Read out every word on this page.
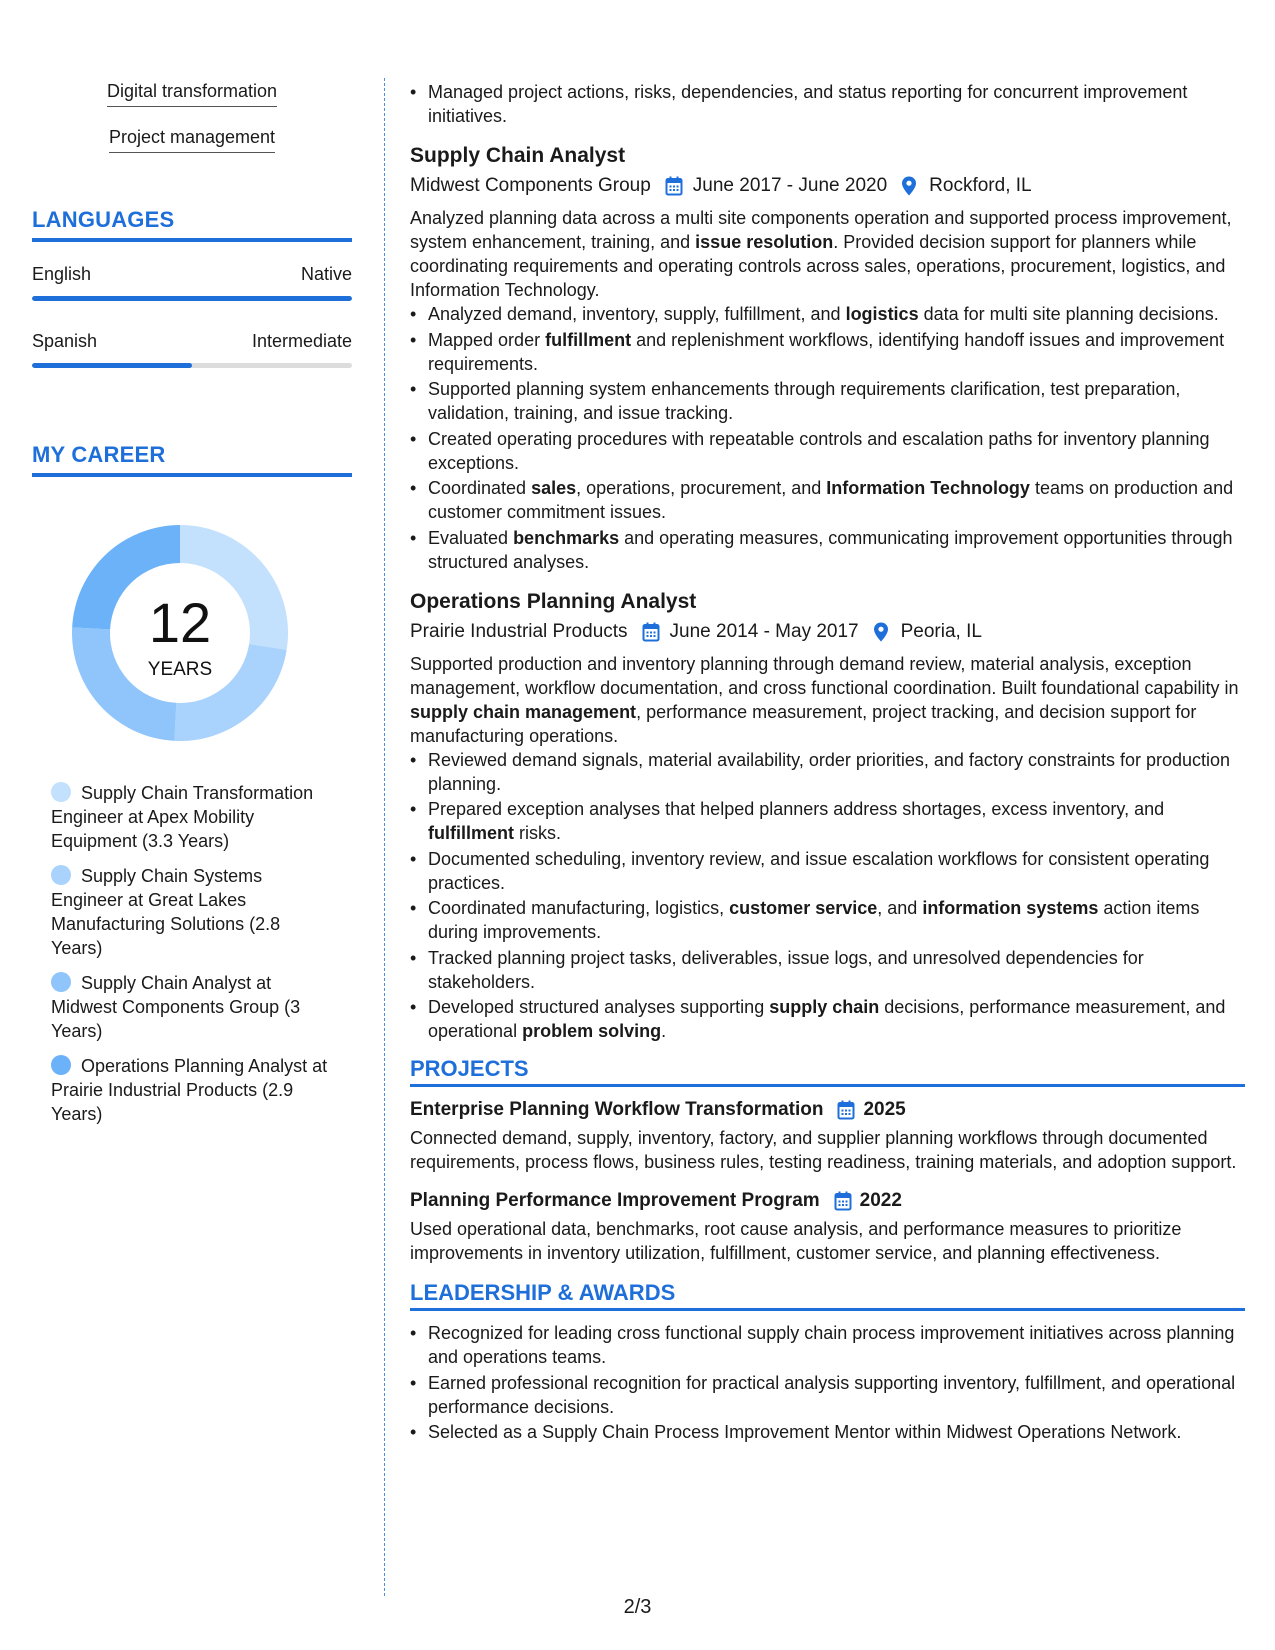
Digital transformation
Project management
LANGUAGES
English	Native
Spanish	Intermediate
MY CAREER
12
YEARS
Supply Chain Transformation Engineer at Apex Mobility Equipment (3.3 Years)
Supply Chain Systems Engineer at Great Lakes Manufacturing Solutions (2.8 Years)
Supply Chain Analyst at Midwest Components Group (3 Years)
Operations Planning Analyst at Prairie Industrial Products (2.9 Years)
• Managed project actions, risks, dependencies, and status reporting for concurrent improvement initiatives.
Supply Chain Analyst
Midwest Components Group June 2017 - June 2020 Rockford, IL
Analyzed planning data across a multi site components operation and supported process improvement, system enhancement, training, and issue resolution. Provided decision support for planners while coordinating requirements and operating controls across sales, operations, procurement, logistics, and Information Technology.
• Analyzed demand, inventory, supply, fulfillment, and logistics data for multi site planning decisions.
• Mapped order fulfillment and replenishment workflows, identifying handoff issues and improvement requirements.
• Supported planning system enhancements through requirements clarification, test preparation, validation, training, and issue tracking.
• Created operating procedures with repeatable controls and escalation paths for inventory planning exceptions.
• Coordinated sales, operations, procurement, and Information Technology teams on production and customer commitment issues.
• Evaluated benchmarks and operating measures, communicating improvement opportunities through structured analyses.
Operations Planning Analyst
Prairie Industrial Products June 2014 - May 2017 Peoria, IL
Supported production and inventory planning through demand review, material analysis, exception management, workflow documentation, and cross functional coordination. Built foundational capability in supply chain management, performance measurement, project tracking, and decision support for manufacturing operations.
• Reviewed demand signals, material availability, order priorities, and factory constraints for production planning.
• Prepared exception analyses that helped planners address shortages, excess inventory, and fulfillment risks.
• Documented scheduling, inventory review, and issue escalation workflows for consistent operating practices.
• Coordinated manufacturing, logistics, customer service, and information systems action items during improvements.
• Tracked planning project tasks, deliverables, issue logs, and unresolved dependencies for stakeholders.
• Developed structured analyses supporting supply chain decisions, performance measurement, and operational problem solving.
PROJECTS
Enterprise Planning Workflow Transformation 2025
Connected demand, supply, inventory, factory, and supplier planning workflows through documented requirements, process flows, business rules, testing readiness, training materials, and adoption support.
Planning Performance Improvement Program 2022
Used operational data, benchmarks, root cause analysis, and performance measures to prioritize improvements in inventory utilization, fulfillment, customer service, and planning effectiveness.
LEADERSHIP & AWARDS
• Recognized for leading cross functional supply chain process improvement initiatives across planning and operations teams.
• Earned professional recognition for practical analysis supporting inventory, fulfillment, and operational performance decisions.
• Selected as a Supply Chain Process Improvement Mentor within Midwest Operations Network.
2/3
